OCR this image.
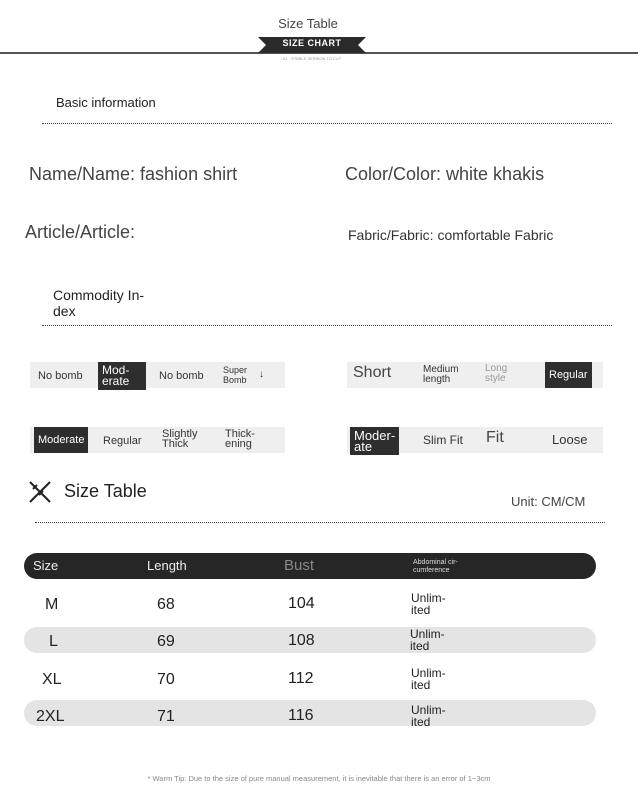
Size Table
SIZE CHART
A1 · STABLE VERSION TO CUT
Basic information
Name/Name: fashion shirt	Color/Color: white khakis
Article/Article:	Fabric/Fabric: comfortable Fabric
Commodity In-
dex
No bomb	Mod-
erate	No bomb Super
Bomb ↓	Short	Medium
length
Long
style	Regular
Moderate	Regular
Slightly
Thick
Thick-
ening
Moder-
ate	Slim Fit Fit	Loose
Size Table
Unit: CM/CM
Size	Length	Bust	Abdominal cir-
cumference
M	68	104	Unlim-
ited
L	69	108	Unlim-
ited
XL	70	112	Unlim-
ited
2XL	71	116	Unlim-
ited
* Warm Tip: Due to the size of pure manual measurement, it is inevitable that there is an error of 1~3cm
